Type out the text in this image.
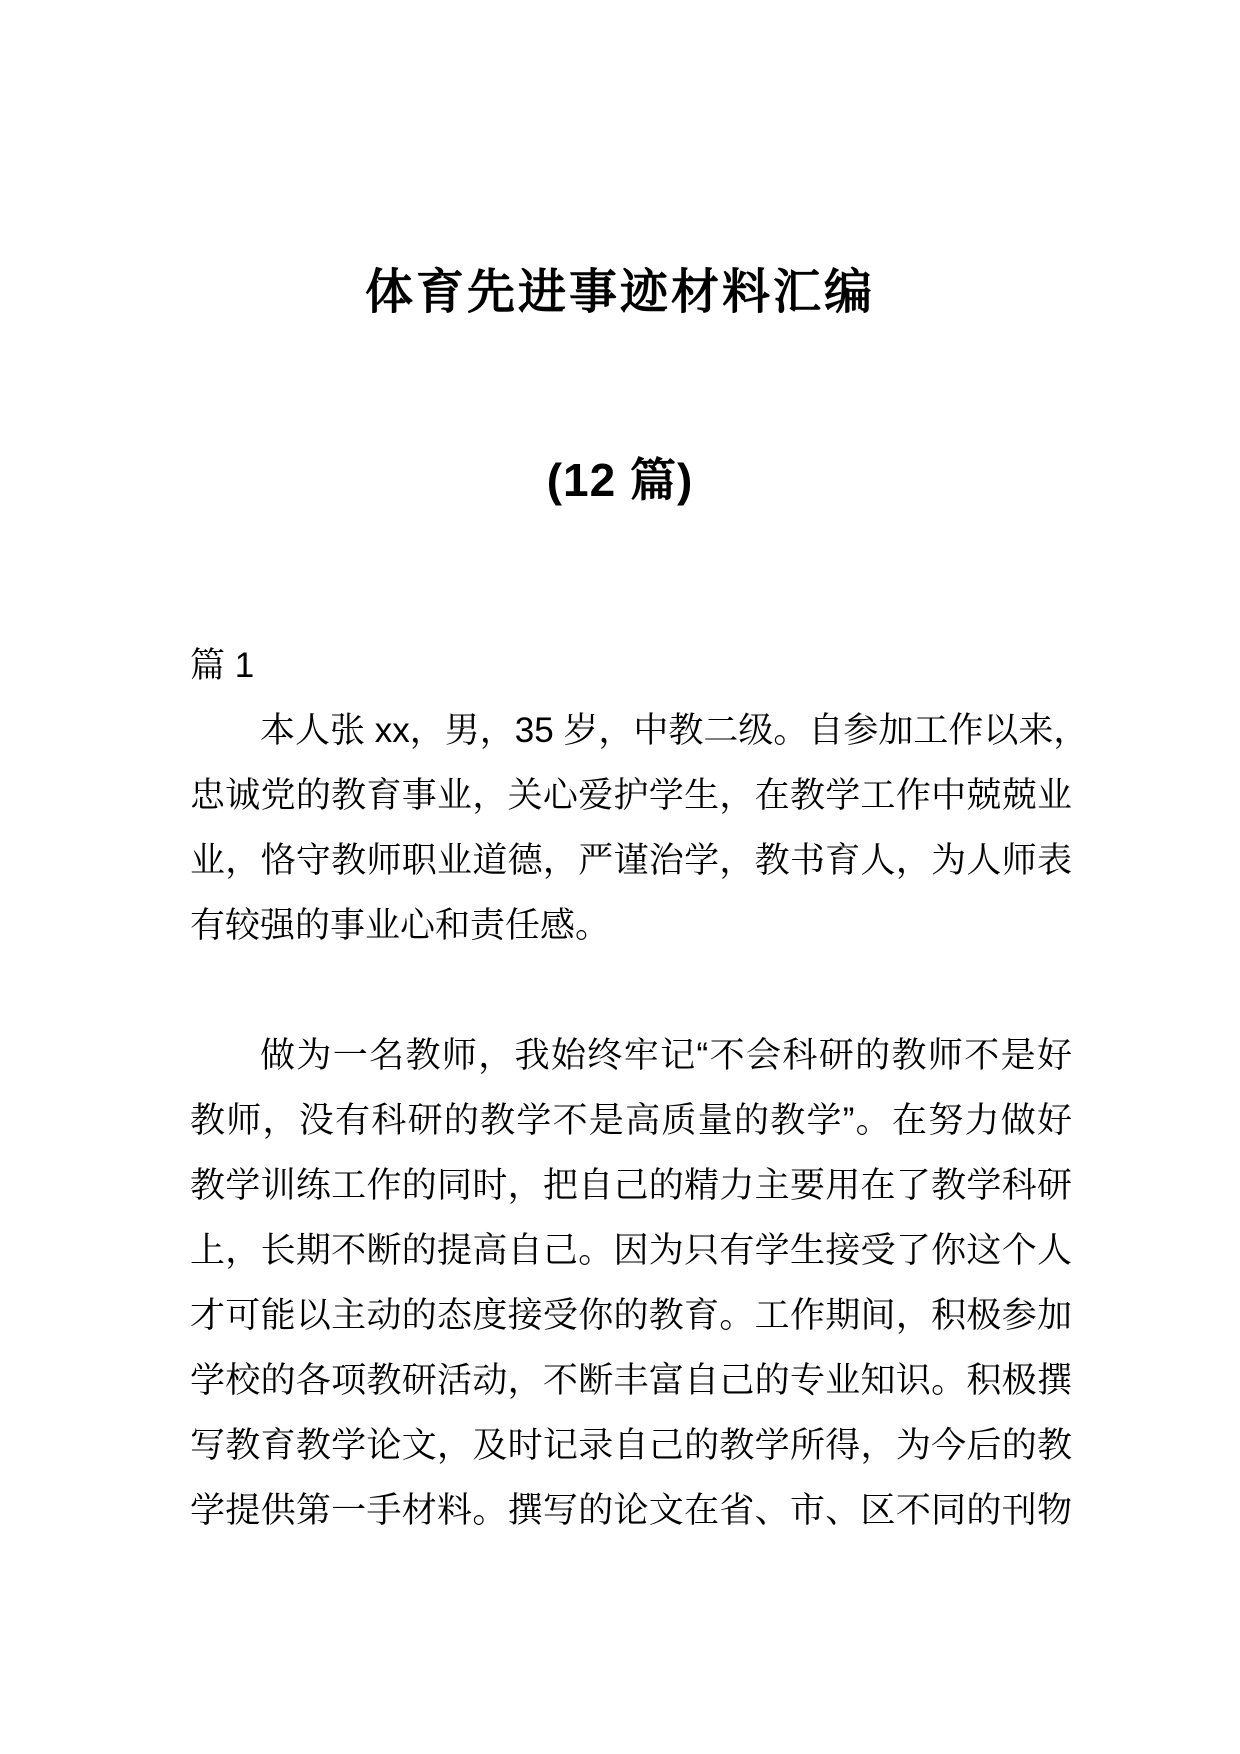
体育先进事迹材料汇编
(12 篇)
篇 1
本人张 xx，男，35 岁，中教二级。自参加工作以来，
忠诚党的教育事业，关心爱护学生，在教学工作中兢兢业
业，恪守教师职业道德，严谨治学，教书育人，为人师表
有较强的事业心和责任感。
做为一名教师，我始终牢记“不会科研的教师不是好
教师，没有科研的教学不是高质量的教学”。在努力做好
教学训练工作的同时，把自己的精力主要用在了教学科研
上，长期不断的提高自己。因为只有学生接受了你这个人
才可能以主动的态度接受你的教育。工作期间，积极参加
学校的各项教研活动，不断丰富自己的专业知识。积极撰
写教育教学论文，及时记录自己的教学所得，为今后的教
学提供第一手材料。撰写的论文在省、市、区不同的刊物
